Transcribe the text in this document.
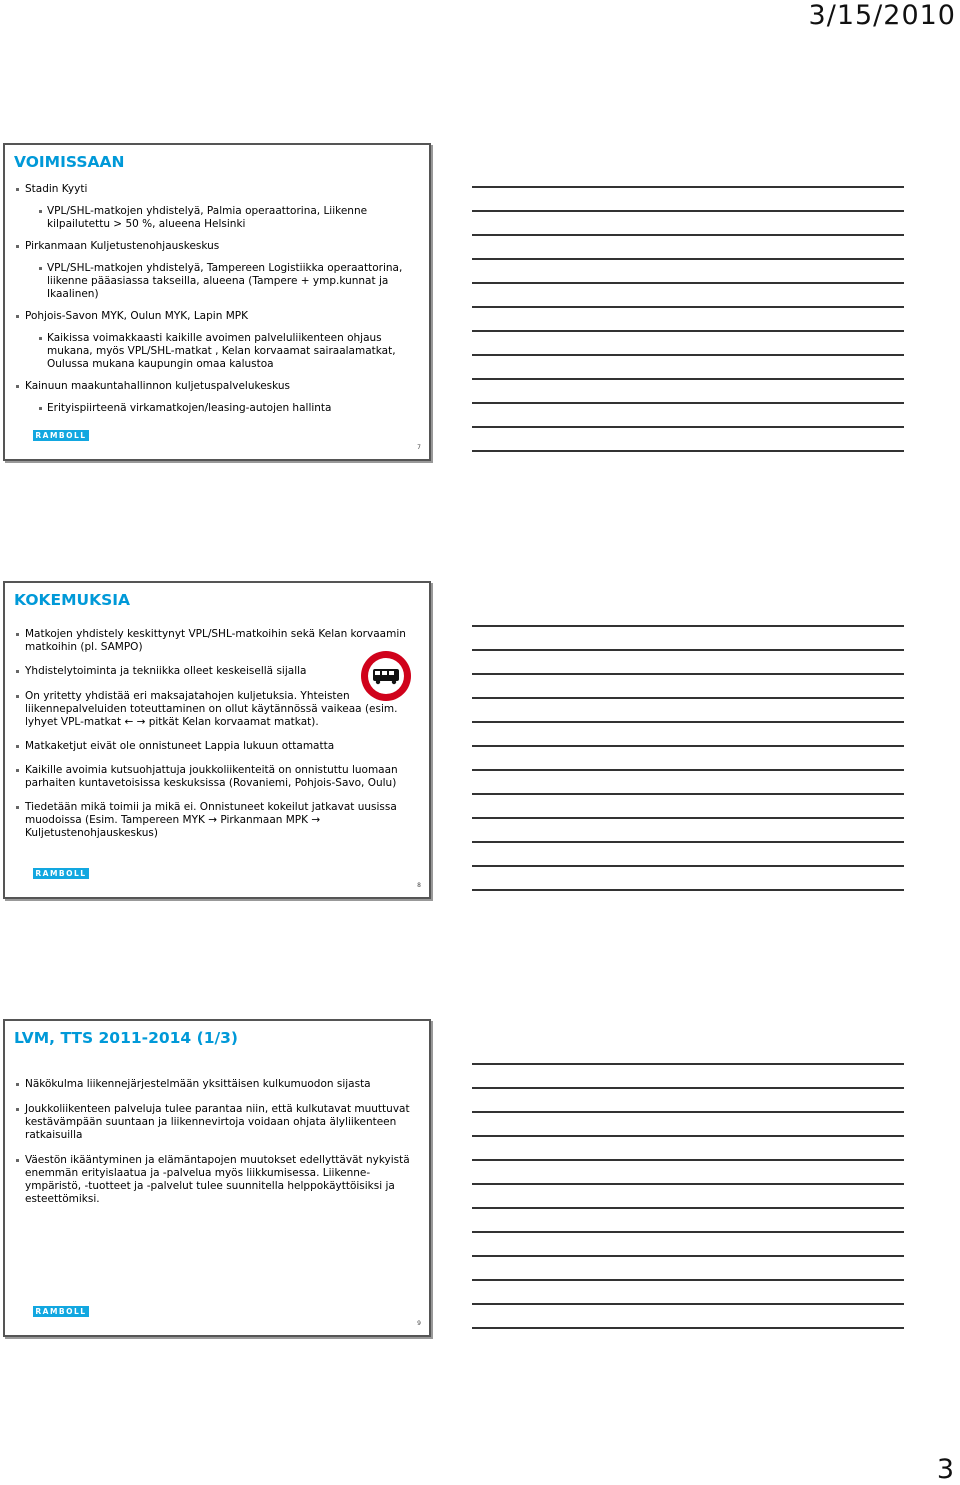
3/15/2010
VOIMISSAAN
Stadin Kyyti
VPL/SHL-matkojen yhdistelyä, Palmia operaattorina, Liikenne kilpailutettu > 50 %, alueena Helsinki
Pirkanmaan Kuljetustenohjauskeskus
VPL/SHL-matkojen yhdistelyä, Tampereen Logistiikka operaattorina, liikenne pääasiassa takseilla, alueena (Tampere + ymp.kunnat ja Ikaalinen)
Pohjois-Savon MYK, Oulun MYK, Lapin MPK
Kaikissa voimakkaasti kaikille avoimen palveluliikenteen ohjaus mukana, myös VPL/SHL-matkat , Kelan korvaamat sairaalamatkat, Oulussa mukana kaupungin omaa kalustoa
Kainuun maakuntahallinnon kuljetuspalvelukeskus
Erityispiirteenä virkamatkojen/leasing-autojen hallinta
RAMBOLL
7
KOKEMUKSIA
Matkojen yhdistely keskittynyt VPL/SHL-matkoihin sekä Kelan korvaamin matkoihin (pl. SAMPO)
Yhdistelytoiminta ja tekniikka olleet keskeisellä sijalla
On yritetty yhdistää eri maksajatahojen kuljetuksia. Yhteisten liikennepalveluiden toteuttaminen on ollut käytännössä vaikeaa (esim. lyhyet VPL-matkat ← → pitkät Kelan korvaamat matkat).
Matkaketjut eivät ole onnistuneet Lappia lukuun ottamatta
Kaikille avoimia kutsuohjattuja joukkoliikenteitä on onnistuttu luomaan parhaiten kuntavetoisissa keskuksissa (Rovaniemi, Pohjois-Savo, Oulu)
Tiedetään mikä toimii ja mikä ei. Onnistuneet kokeilut jatkavat uusissa muodoissa (Esim. Tampereen MYK → Pirkanmaan MPK → Kuljetustenohjauskeskus)
RAMBOLL
8
LVM, TTS 2011-2014 (1/3)
Näkökulma liikennejärjestelmään yksittäisen kulkumuodon sijasta
Joukkoliikenteen palveluja tulee parantaa niin, että kulkutavat muuttuvat kestävämpään suuntaan ja liikennevirtoja voidaan ohjata älyliikenteen ratkaisuilla
Väestön ikääntyminen ja elämäntapojen muutokset edellyttävät nykyistä enemmän erityislaatua ja -palvelua myös liikkumisessa. Liikenne-ympäristö, -tuotteet ja -palvelut tulee suunnitella helppokäyttöisiksi ja esteettömiksi.
RAMBOLL
9
3
